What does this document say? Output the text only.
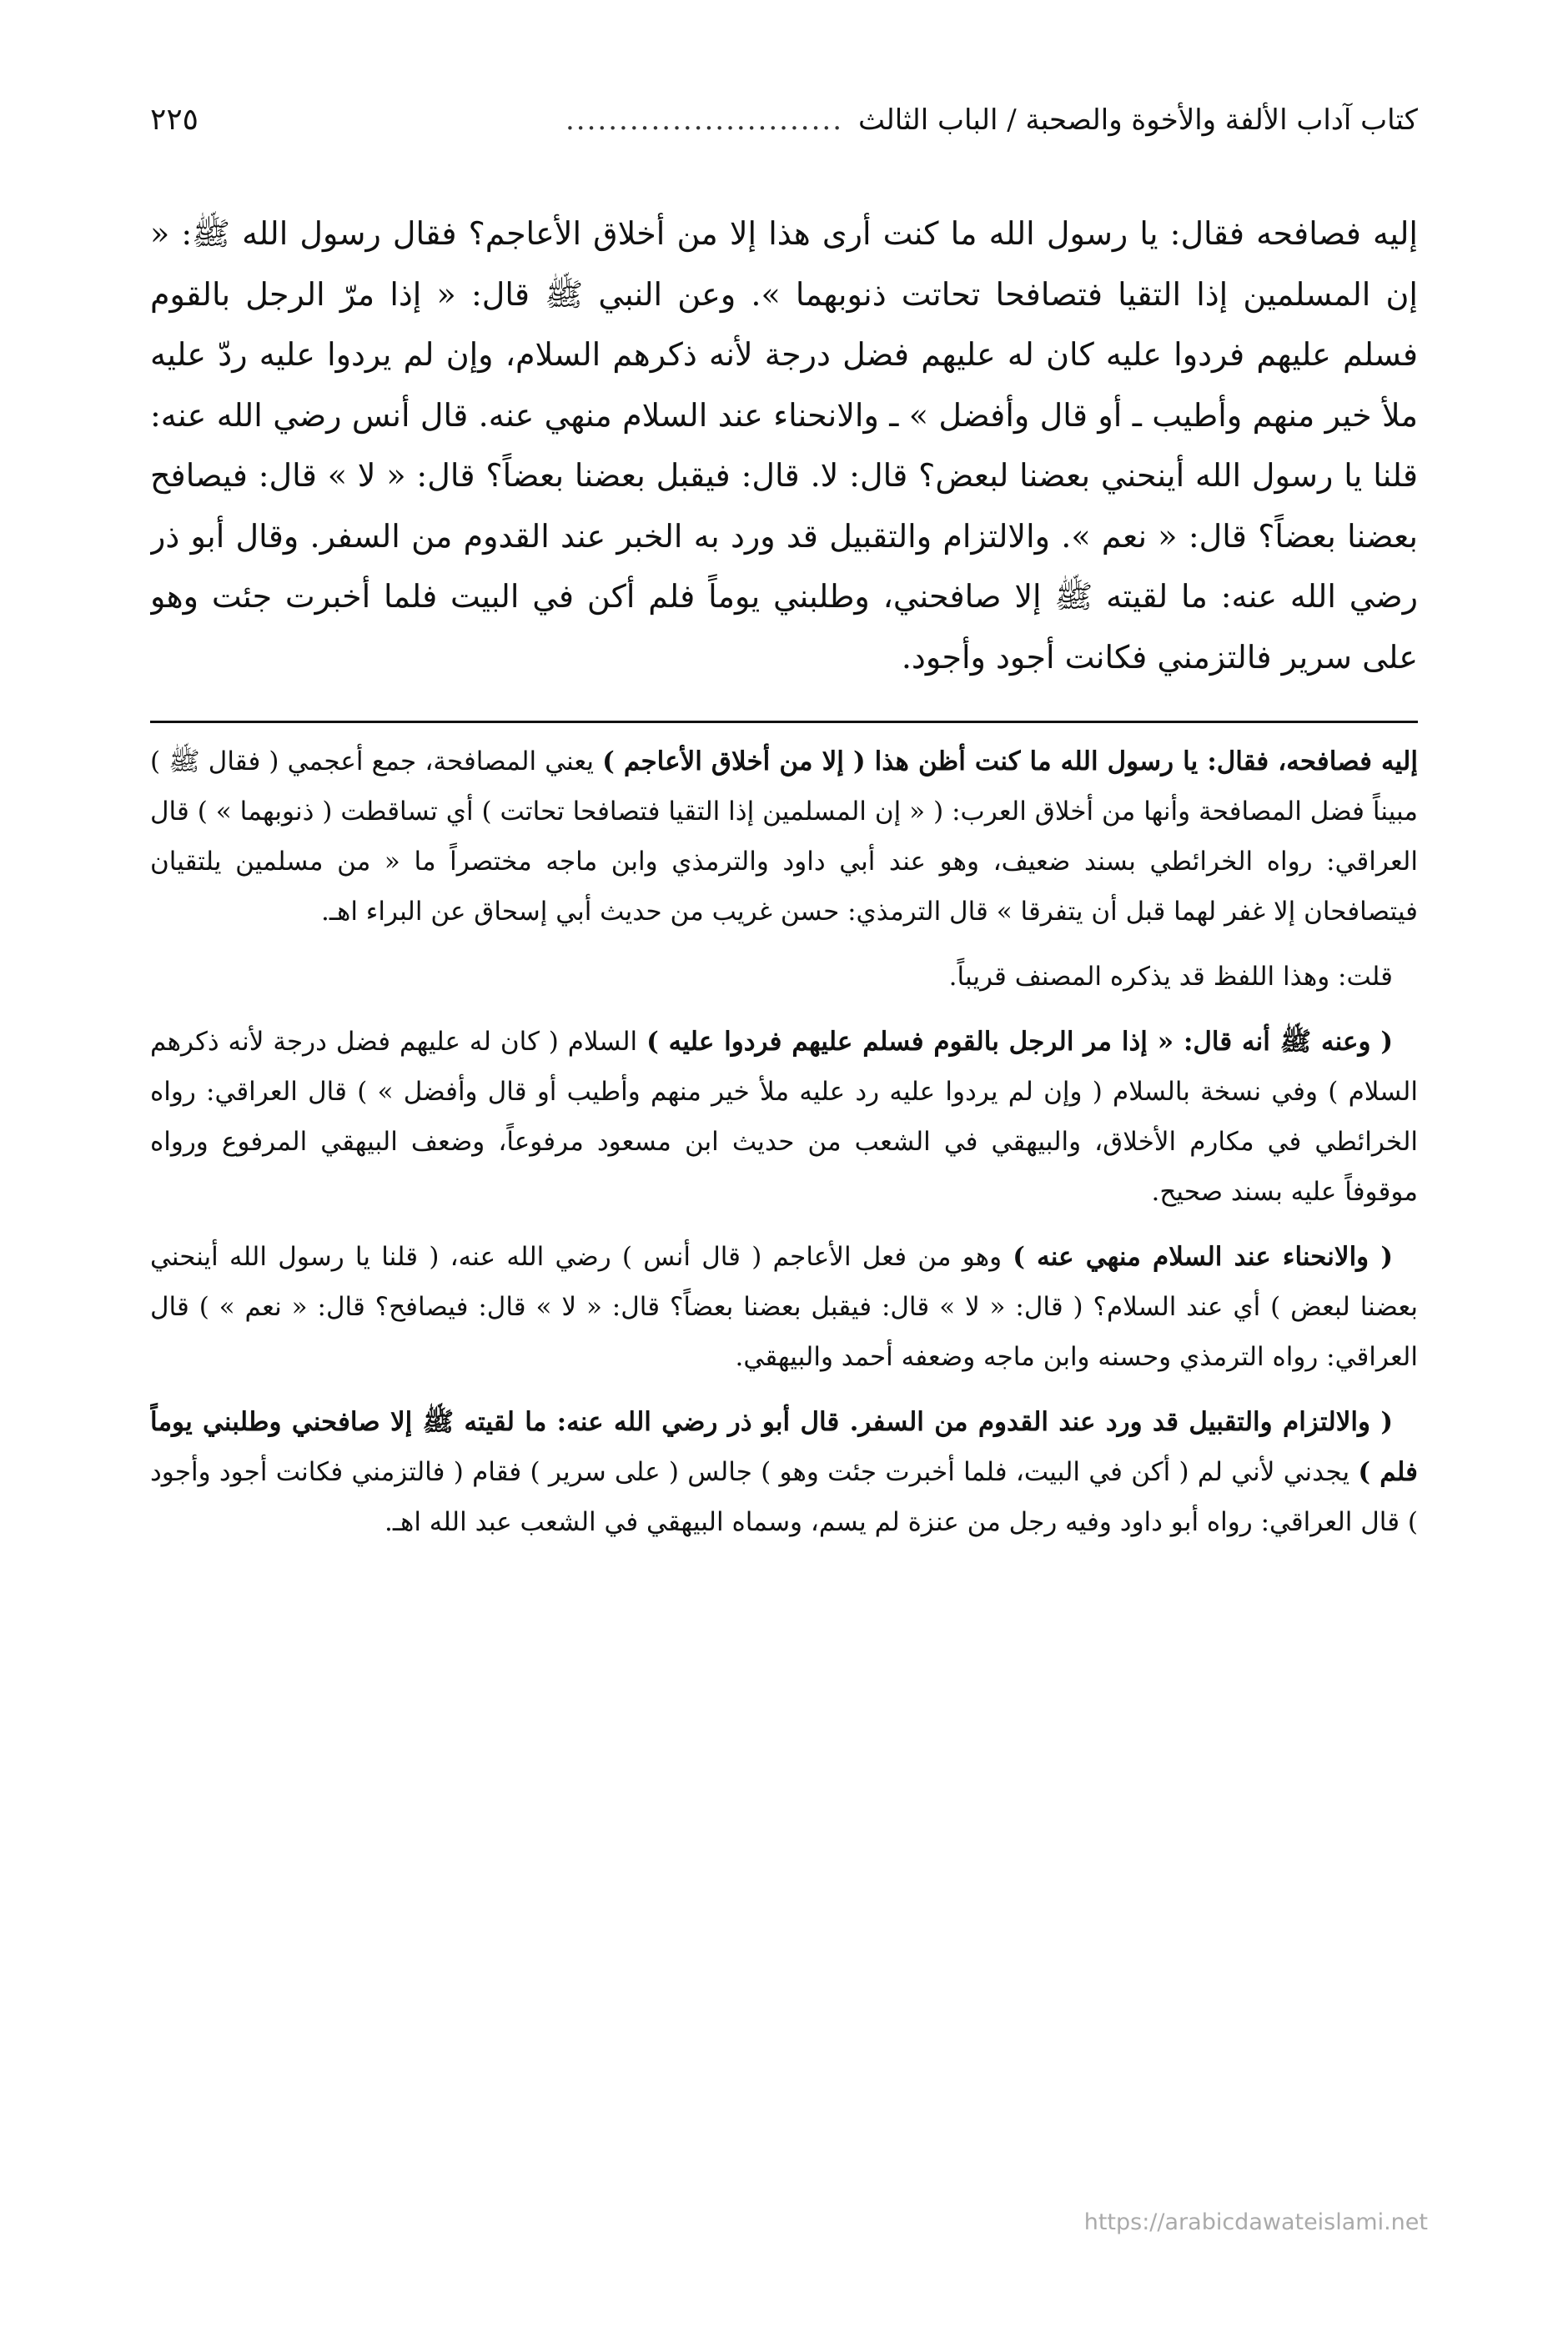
كتاب آداب الألفة والأخوة والصحبة / الباب الثالث
..........................
٢٢٥

إليه فصافحه فقال: يا رسول الله ما كنت أرى هذا إلا من أخلاق الأعاجم؟ فقال رسول الله ﷺ: « إن المسلمين إذا التقيا فتصافحا تحاتت ذنوبهما ». وعن النبي ﷺ قال: « إذا مرّ الرجل بالقوم فسلم عليهم فردوا عليه كان له عليهم فضل درجة لأنه ذكرهم السلام، وإن لم يردوا عليه ردّ عليه ملأ خير منهم وأطيب ـ أو قال وأفضل » ـ والانحناء عند السلام منهي عنه. قال أنس رضي الله عنه: قلنا يا رسول الله أينحني بعضنا لبعض؟ قال: لا. قال: فيقبل بعضنا بعضاً؟ قال: « لا » قال: فيصافح بعضنا بعضاً؟ قال: « نعم ». والالتزام والتقبيل قد ورد به الخبر عند القدوم من السفر. وقال أبو ذر رضي الله عنه: ما لقيته ﷺ إلا صافحني، وطلبني يوماً فلم أكن في البيت فلما أخبرت جئت وهو على سرير فالتزمني فكانت أجود وأجود.

إليه فصافحه، فقال: يا رسول الله ما كنت أظن هذا ( إلا من أخلاق الأعاجم ) يعني المصافحة، جمع أعجمي ( فقال ﷺ ) مبيناً فضل المصافحة وأنها من أخلاق العرب: ( « إن المسلمين إذا التقيا فتصافحا تحاتت ) أي تساقطت ( ذنوبهما » ) قال العراقي: رواه الخرائطي بسند ضعيف، وهو عند أبي داود والترمذي وابن ماجه مختصراً ما « من مسلمين يلتقيان فيتصافحان إلا غفر لهما قبل أن يتفرقا » قال الترمذي: حسن غريب من حديث أبي إسحاق عن البراء اهـ.

قلت: وهذا اللفظ قد يذكره المصنف قريباً.

( وعنه ﷺ أنه قال: « إذا مر الرجل بالقوم فسلم عليهم فردوا عليه ) السلام ( كان له عليهم فضل درجة لأنه ذكرهم السلام ) وفي نسخة بالسلام ( وإن لم يردوا عليه رد عليه ملأ خير منهم وأطيب أو قال وأفضل » ) قال العراقي: رواه الخرائطي في مكارم الأخلاق، والبيهقي في الشعب من حديث ابن مسعود مرفوعاً، وضعف البيهقي المرفوع ورواه موقوفاً عليه بسند صحيح.

( والانحناء عند السلام منهي عنه ) وهو من فعل الأعاجم ( قال أنس ) رضي الله عنه، ( قلنا يا رسول الله أينحني بعضنا لبعض ) أي عند السلام؟ ( قال: « لا » قال: فيقبل بعضنا بعضاً؟ قال: « لا » قال: فيصافح؟ قال: « نعم » ) قال العراقي: رواه الترمذي وحسنه وابن ماجه وضعفه أحمد والبيهقي.

( والالتزام والتقبيل قد ورد عند القدوم من السفر. قال أبو ذر رضي الله عنه: ما لقيته ﷺ إلا صافحني وطلبني يوماً فلم ) يجدني لأني لم ( أكن في البيت، فلما أخبرت جئت وهو ) جالس ( على سرير ) فقام ( فالتزمني فكانت أجود وأجود ) قال العراقي: رواه أبو داود وفيه رجل من عنزة لم يسم، وسماه البيهقي في الشعب عبد الله اهـ.

https://arabicdawateislami.net
